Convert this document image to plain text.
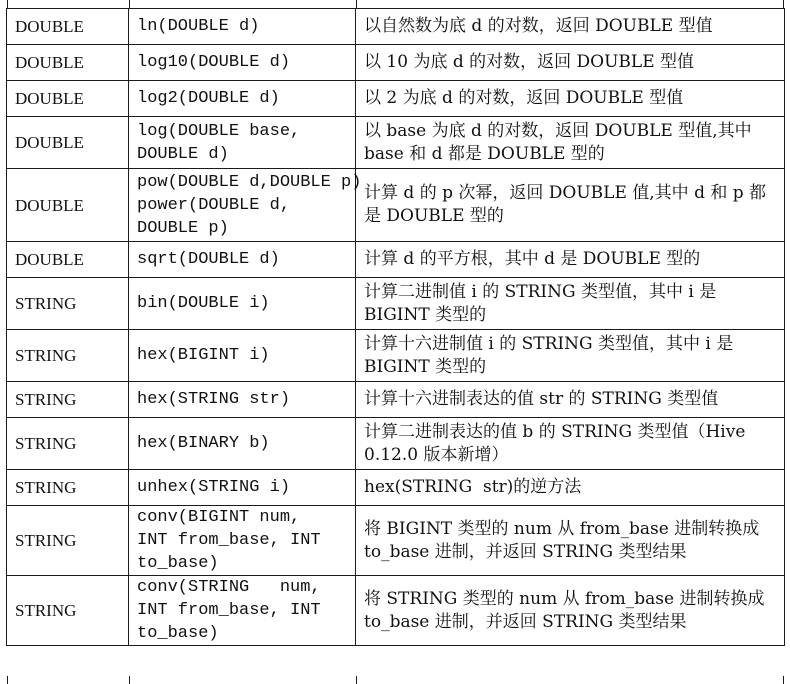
DOUBLE	ln(DOUBLE d)	以自然数为底 d 的对数，返回 DOUBLE 型值

DOUBLE	log10(DOUBLE d)	以 10 为底 d 的对数，返回 DOUBLE 型值

DOUBLE	log2(DOUBLE d)	以 2 为底 d 的对数，返回 DOUBLE 型值

DOUBLE	log(DOUBLE base,
DOUBLE d)	以 base 为底 d 的对数，返回 DOUBLE 型值,其中
base 和 d 都是 DOUBLE 型的

DOUBLE	pow(DOUBLE d,DOUBLE p)
power(DOUBLE d,
DOUBLE p)	计算 d 的 p 次幂，返回 DOUBLE 值,其中 d 和 p 都
是 DOUBLE 型的

DOUBLE	sqrt(DOUBLE d)	计算 d 的平方根，其中 d 是 DOUBLE 型的

STRING	bin(DOUBLE i)	计算二进制值 i 的 STRING 类型值，其中 i 是
BIGINT 类型的

STRING	hex(BIGINT i)	计算十六进制值 i 的 STRING 类型值，其中 i 是
BIGINT 类型的

STRING	hex(STRING str)	计算十六进制表达的值 str 的 STRING 类型值

STRING	hex(BINARY b)	计算二进制表达的值 b 的 STRING 类型值（Hive
0.12.0 版本新增）

STRING	unhex(STRING i)	hex(STRING  str)的逆方法

STRING	conv(BIGINT num,
INT from_base, INT
to_base)	将 BIGINT 类型的 num 从 from_base 进制转换成
to_base 进制，并返回 STRING 类型结果

STRING	conv(STRING   num,
INT from_base, INT
to_base)	将 STRING 类型的 num 从 from_base 进制转换成
to_base 进制，并返回 STRING 类型结果
